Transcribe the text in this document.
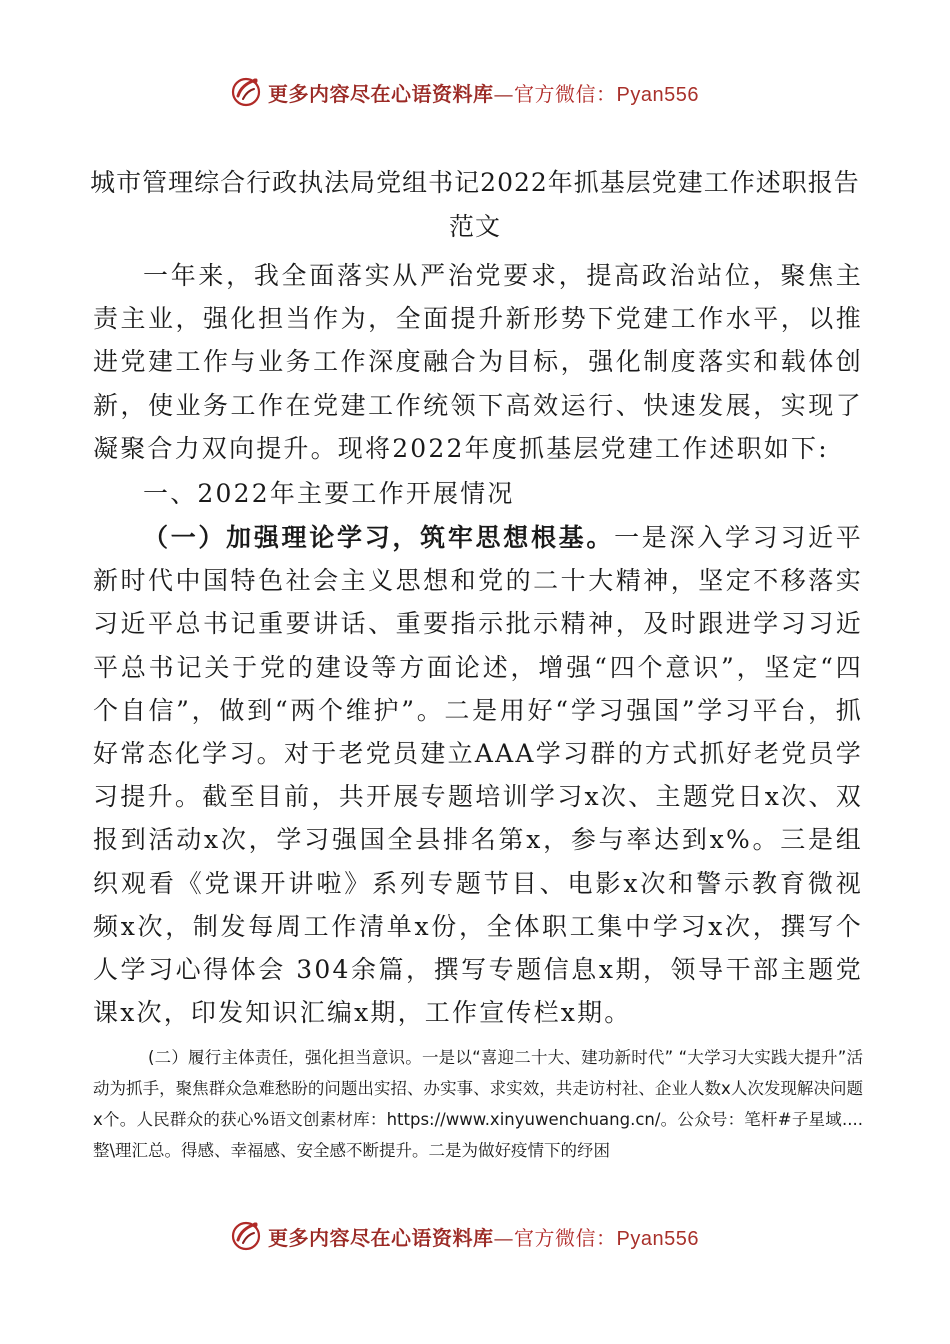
更多内容尽在心语资料库—官方微信：Pyan556
城市管理综合行政执法局党组书记2022年抓基层党建工作述职报告
范文

一年来，我全面落实从严治党要求，提高政治站位，聚焦主责主业，强化担当作为，全面提升新形势下党建工作水平，以推进党建工作与业务工作深度融合为目标，强化制度落实和载体创新，使业务工作在党建工作统领下高效运行、快速发展，实现了凝聚合力双向提升。现将2022年度抓基层党建工作述职如下:

一、2022年主要工作开展情况

（一）加强理论学习，筑牢思想根基。一是深入学习习近平新时代中国特色社会主义思想和党的二十大精神，坚定不移落实习近平总书记重要讲话、重要指示批示精神，及时跟进学习习近平总书记关于党的建设等方面论述，增强“四个意识”，坚定“四个自信”，做到“两个维护”。二是用好“学习强国”学习平台，抓好常态化学习。对于老党员建立AAA学习群的方式抓好老党员学习提升。截至目前，共开展专题培训学习x次、主题党日x次、双报到活动x次，学习强国全县排名第x，参与率达到x%。三是组织观看《党课开讲啦》系列专题节目、电影x次和警示教育微视频x次，制发每周工作清单x份，全体职工集中学习x次，撰写个人学习心得体会 304余篇，撰写专题信息x期，领导干部主题党课x次，印发知识汇编x期，工作宣传栏x期。

(二）履行主体责任，强化担当意识。一是以“喜迎二十大、建功新时代” “大学习大实践大提升”活动为抓手，聚焦群众急难愁盼的问题出实招、办实事、求实效，共走访村社、企业人数x人次发现解决问题x个。人民群众的获心%语文创素材库：https://www.xinyuwenchuang.cn/。公众号：笔杆#子星域....整\理汇总。得感、幸福感、安全感不断提升。二是为做好疫情下的纾困

更多内容尽在心语资料库—官方微信：Pyan556
